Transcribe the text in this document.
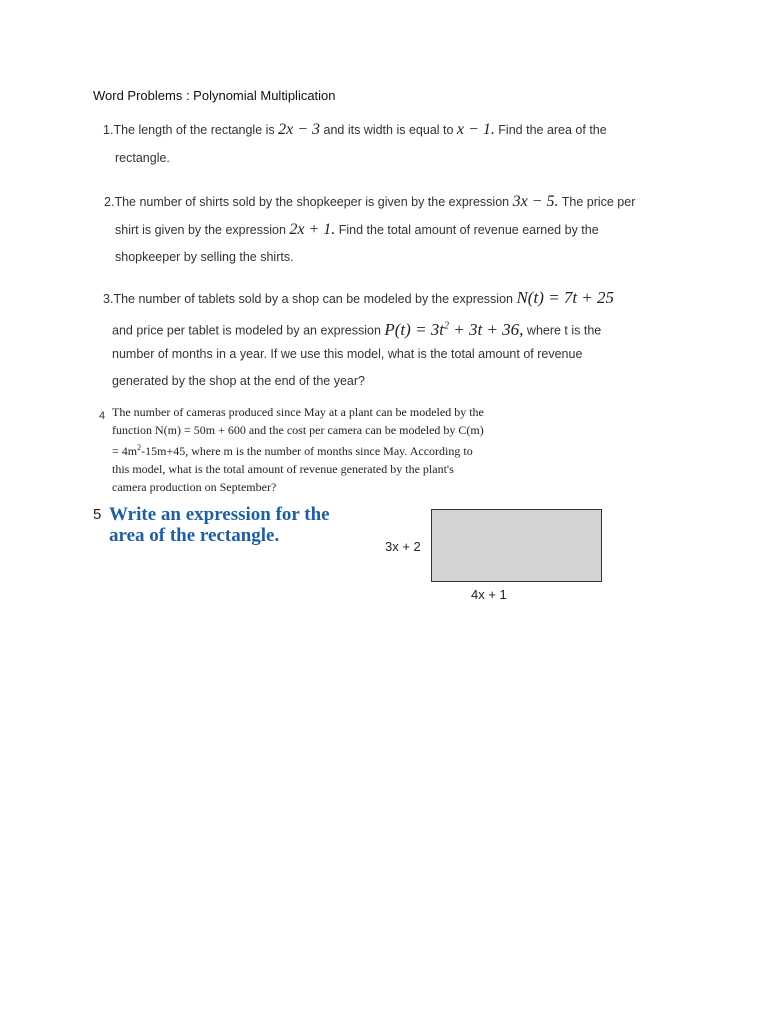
Word Problems : Polynomial Multiplication
1.The length of the rectangle is 2x − 3 and its width is equal to x − 1. Find the area of the
rectangle.
2.The number of shirts sold by the shopkeeper is given by the expression 3x − 5. The price per
shirt is given by the expression 2x + 1. Find the total amount of revenue earned by the
shopkeeper by selling the shirts.
3.The number of tablets sold by a shop can be modeled by the expression N(t) = 7t + 25
and price per tablet is modeled by an expression $P(t) = 3t^2 + 3t + 36$, where t is the
number of months in a year. If we use this model, what is the total amount of revenue
generated by the shop at the end of the year?
4 The number of cameras produced since May at a plant can be modeled by the
function N(m) = 50m + 600 and the cost per camera can be modeled by C(m)
= $4m^2-15m+45$, where m is the number of months since May. According to
this model, what is the total amount of revenue generated by the plant's
camera production on September?
5 Write an expression for the
area of the rectangle.
3x + 2
4x + 1
